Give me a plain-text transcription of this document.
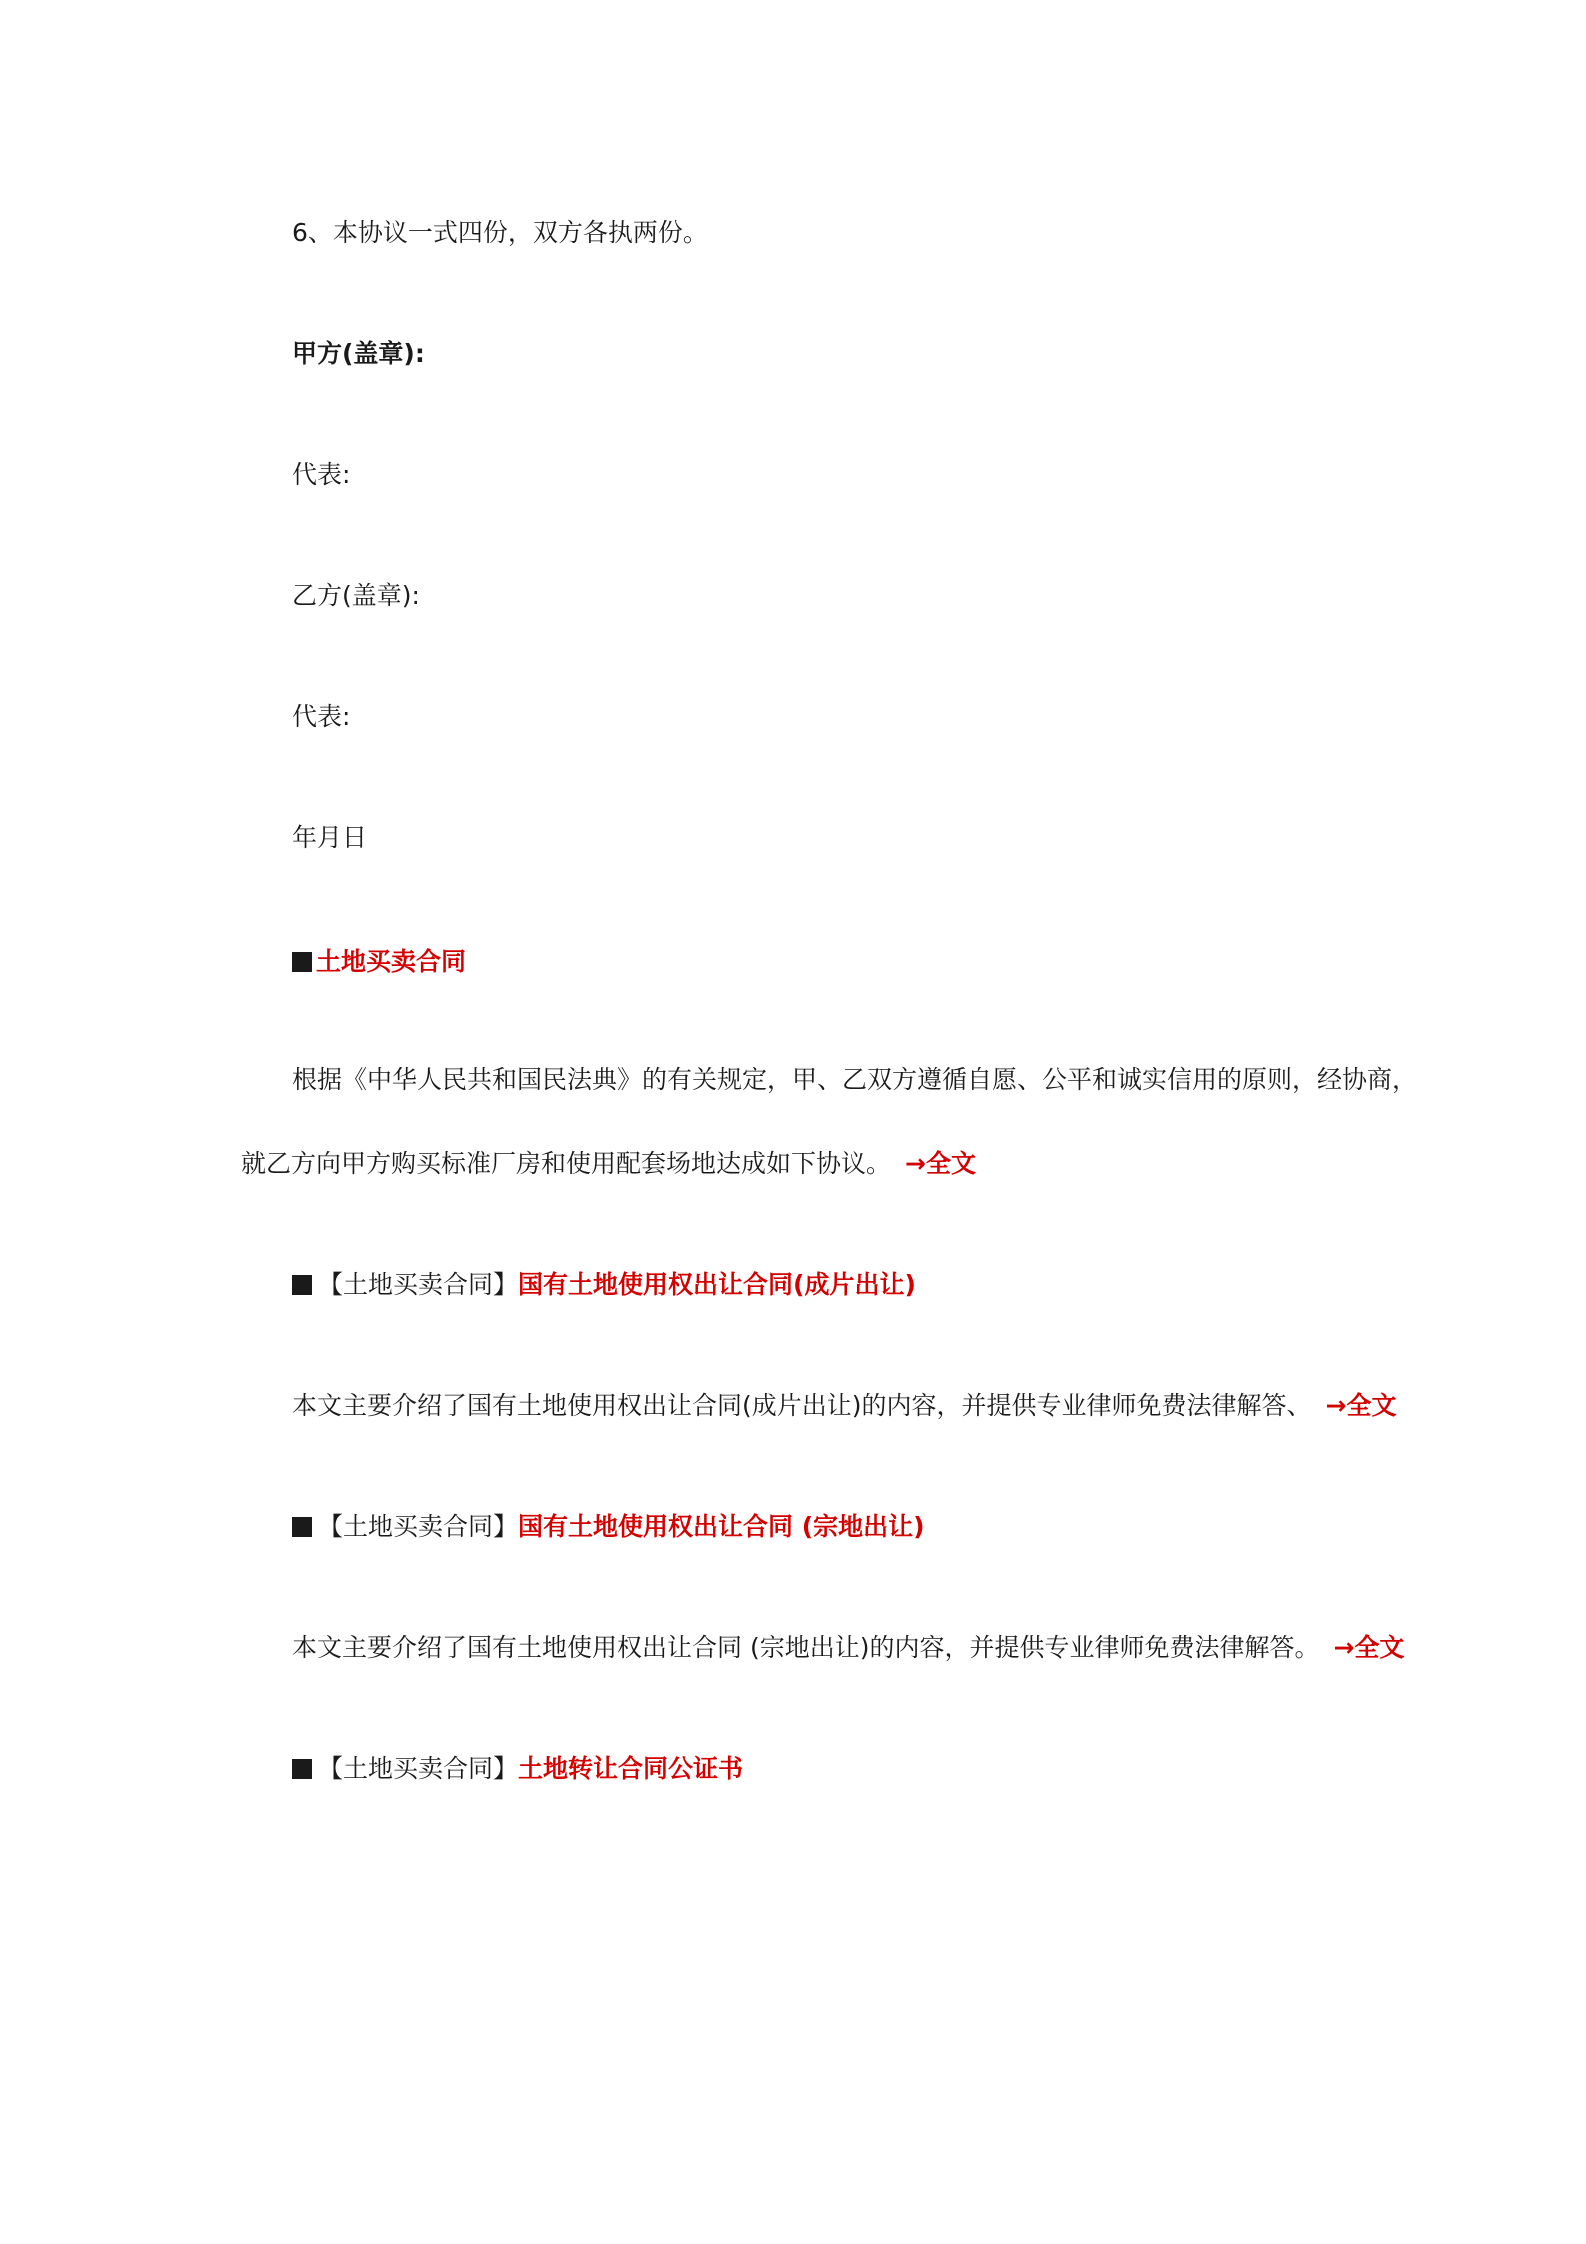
6、本协议一式四份，双方各执两份。
甲方(盖章):
代表:
乙方(盖章):
代表:
年月日
土地买卖合同
根据《中华人民共和国民法典》的有关规定，甲、乙双方遵循自愿、公平和诚实信用的原则，经协商，
就乙方向甲方购买标准厂房和使用配套场地达成如下协议。 →全文
【土地买卖合同】国有土地使用权出让合同(成片出让)
本文主要介绍了国有土地使用权出让合同(成片出让)的内容，并提供专业律师免费法律解答、 →全文
【土地买卖合同】国有土地使用权出让合同 (宗地出让)
本文主要介绍了国有土地使用权出让合同 (宗地出让)的内容，并提供专业律师免费法律解答。 →全文
【土地买卖合同】土地转让合同公证书
